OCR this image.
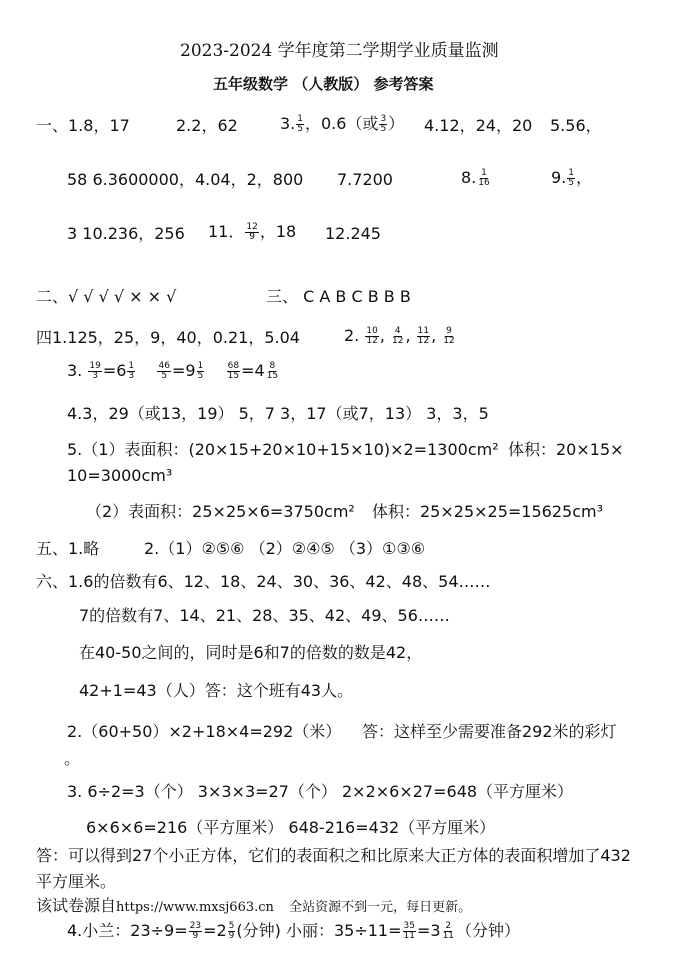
2023-2024 学年度第二学期学业质量监测
五年级数学 （人教版） 参考答案
一、1.8，17	2.2，62	3. $\frac{1}{5}$ ，0.6（或 $\frac{3}{5}$ ） 4.12，24，20 5.56，
58 6.3600000，4.04，2，800 7.7200	8. $\frac{1}{16}$	9. $\frac{1}{5}$ ，
3 10.236，256 11． $\frac{12}{9}$ ，18 12.245
二、√ √ √ √ × × √	三、 C A B C B B B
四1.125，25，9，40，0.21，5.04	2. $\frac{10}{12}$ , $\frac{4}{12}$ , $\frac{11}{12}$ , $\frac{9}{12}$
3. $\frac{19}{3} =6 \frac{1}{3}$
$\frac{46}{5} =9 \frac{1}{5}$
$\frac{68}{15} =4 \frac{8}{15}$
4.3，29（或13，19） 5，7 3，17（或7，13） 3，3，5
5.（1）表面积：(20×15+20×10+15×10)×2=1300cm² 体积：20×15×
10=3000cm³
（2）表面积：25×25×6=3750cm² 体积：25×25×25=15625cm³
五、1.略	2.（1）②⑤⑥ （2）②④⑤ （3）①③⑥
六、1.6的倍数有6、12、18、24、30、36、42、48、54……
7的倍数有7、14、21、28、35、42、49、56……
在40-50之间的，同时是6和7的倍数的数是42，
42+1=43（人）答：这个班有43人。
2.（60+50）×2+18×4=292（米） 答：这样至少需要准备292米的彩灯
。
3. 6÷2=3（个） 3×3×3=27（个） 2×2×6×27=648（平方厘米）
6×6×6=216（平方厘米） 648-216=432（平方厘米）
答：可以得到27个小正方体，它们的表面积之和比原来大正方体的表面积增加了432
平方厘米。
该试卷源自https://www.mxsj663.cn 全站资源不到一元，每日更新。
4.小兰：$23\div 9= \frac{23}{9} =2 \frac{5}{9}$ (分钟) 小丽：$35\div 11= \frac{35}{11} =3 \frac{2}{11}$ （分钟）
